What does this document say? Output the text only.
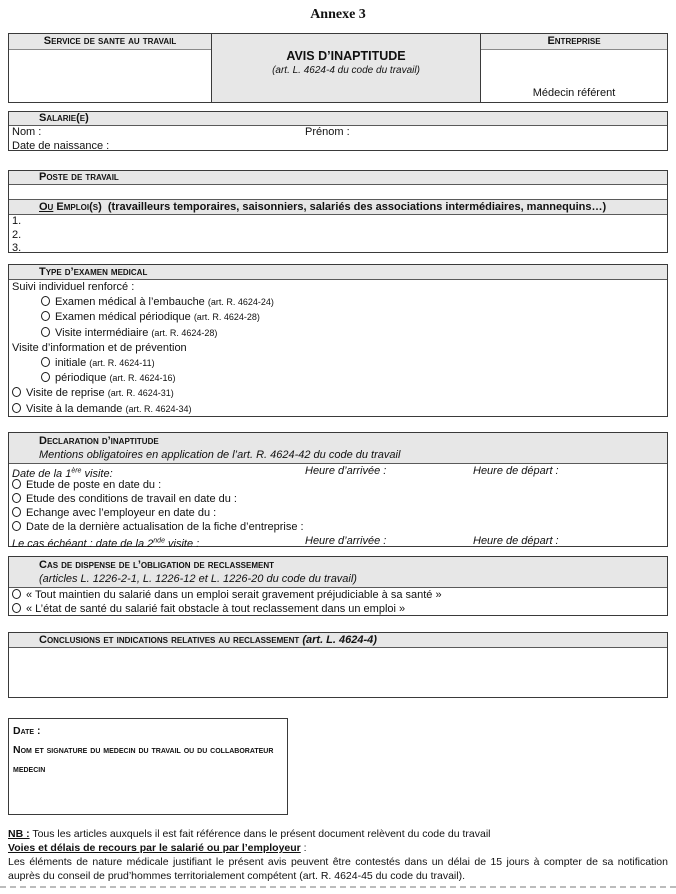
Annexe 3
Service de sante au travail
AVIS D’INAPTITUDE
(art. L. 4624-4 du code du travail)
Entreprise
Médecin référent
Salarie(e)
Nom :	Prénom :
Date de naissance :
Poste de travail
Ou Emploi(s) (travailleurs temporaires, saisonniers, salariés des associations intermédiaires, mannequins…)
1.
2.
3.
Type d’examen medical
Suivi individuel renforcé :
Examen médical à l’embauche (art. R. 4624-24)
Examen médical périodique (art. R. 4624-28)
Visite intermédiaire (art. R. 4624-28)
Visite d’information et de prévention
initiale (art. R. 4624-11)
périodique (art. R. 4624-16)
Visite de reprise (art. R. 4624-31)
Visite à la demande (art. R. 4624-34)
Declaration d’inaptitude
Mentions obligatoires en application de l’art. R. 4624-42 du code du travail
Date de la 1ère visite:	Heure d’arrivée :	Heure de départ :
Etude de poste en date du :
Etude des conditions de travail en date du :
Echange avec l’employeur en date du :
Date de la dernière actualisation de la fiche d’entreprise :
Le cas échéant : date de la 2nde visite :	Heure d’arrivée :	Heure de départ :
Cas de dispense de l’obligation de reclassement
(articles L. 1226-2-1, L. 1226-12 et L. 1226-20 du code du travail)
« Tout maintien du salarié dans un emploi serait gravement préjudiciable à sa santé »
« L’état de santé du salarié fait obstacle à tout reclassement dans un emploi »
Conclusions et indications relatives au reclassement (art. L. 4624-4)
Date :
Nom et signature du medecin du travail ou du collaborateur medecin
NB : Tous les articles auxquels il est fait référence dans le présent document relèvent du code du travail
Voies et délais de recours par le salarié ou par l’employeur :
Les éléments de nature médicale justifiant le présent avis peuvent être contestés dans un délai de 15 jours à compter de sa notification auprès du conseil de prud’hommes territorialement compétent (art. R. 4624-45 du code du travail).
